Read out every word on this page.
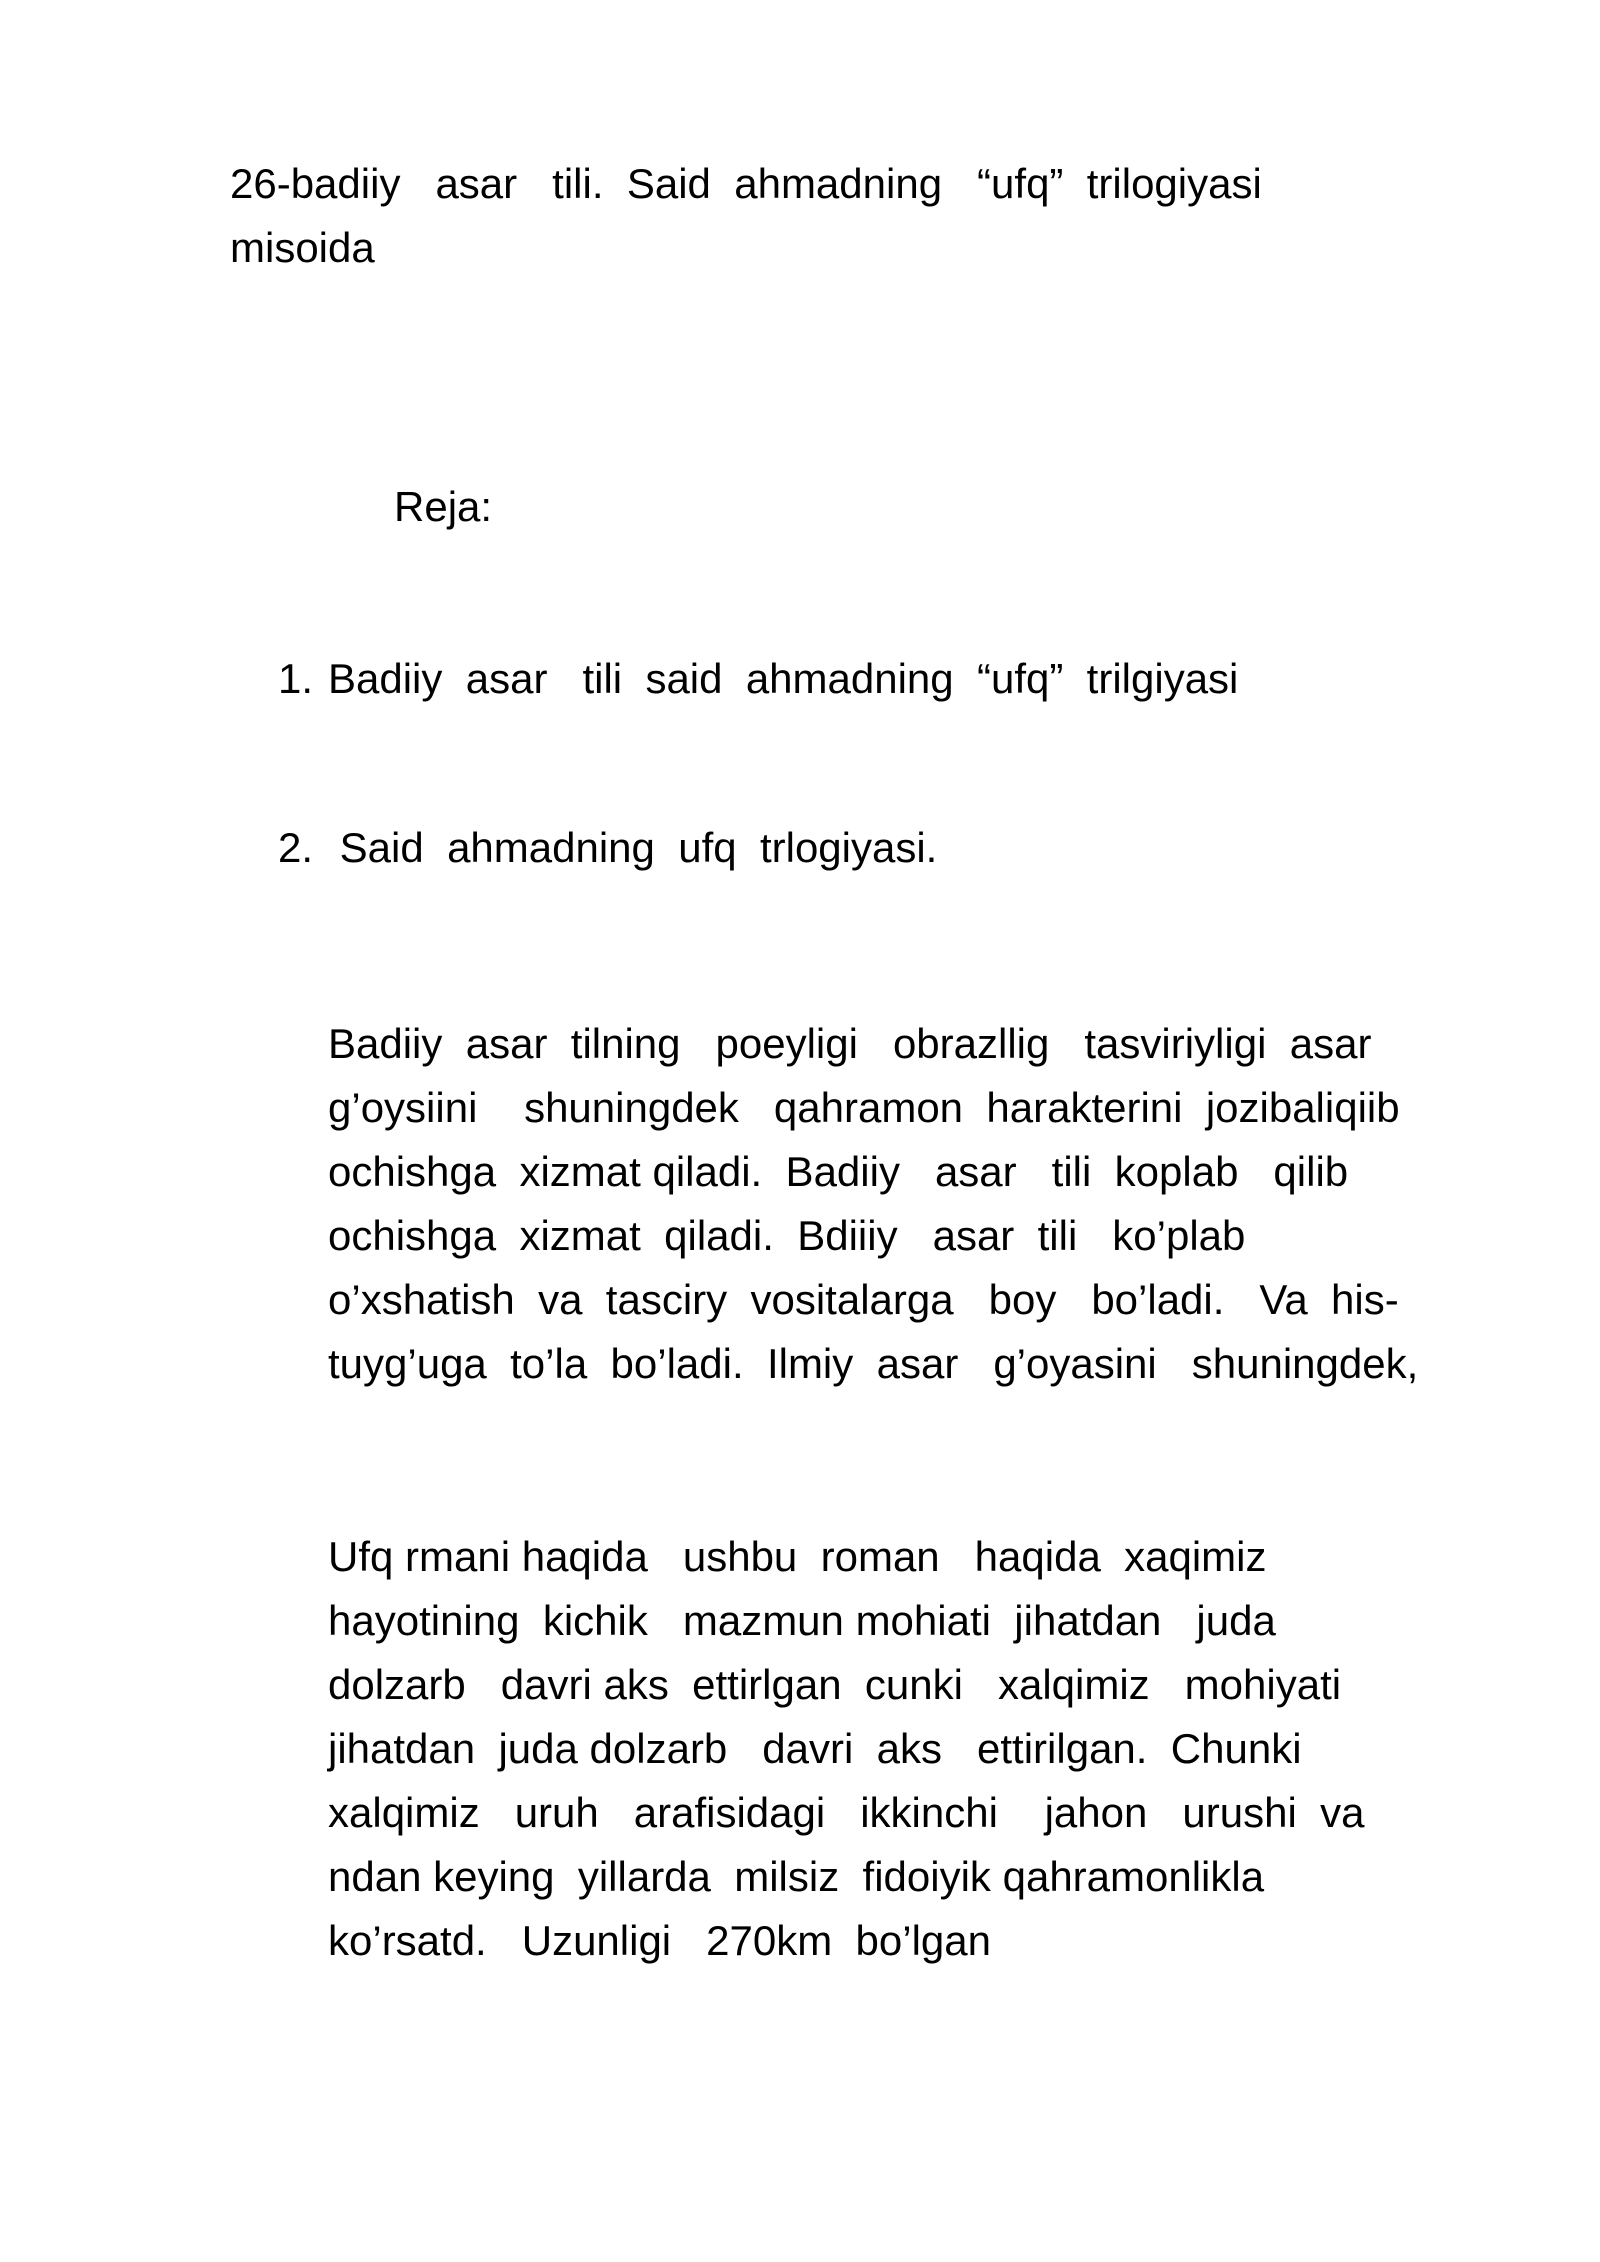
26-badiiy   asar   tili.  Said  ahmadning   “ufq”  trilogiyasi
misoida
Reja:
1. Badiiy  asar   tili  said  ahmadning  “ufq”  trilgiyasi
2. Said  ahmadning  ufq  trlogiyasi.
Badiiy  asar  tilning   poeyligi   obrazllig   tasviriyligi  asar
g’oysiini    shuningdek   qahramon  harakterini  jozibaliqiib
ochishga  xizmat qiladi.  Badiiy   asar   tili  koplab   qilib
ochishga  xizmat  qiladi.  Bdiiiy   asar  tili   ko’plab
o’xshatish  va  tasciry  vositalarga   boy   bo’ladi.   Va  his-
tuyg’uga  to’la  bo’ladi.  Ilmiy  asar   g’oyasini   shuningdek,
Ufq rmani haqida   ushbu  roman   haqida  xaqimiz
hayotining  kichik   mazmun mohiati  jihatdan   juda
dolzarb   davri aks  ettirlgan  cunki   xalqimiz   mohiyati
jihatdan  juda dolzarb   davri  aks   ettirilgan.  Chunki
xalqimiz   uruh   arafisidagi   ikkinchi    jahon   urushi  va
ndan keying  yillarda  milsiz  fidoiyik qahramonlikla
ko’rsatd.   Uzunligi   270km  bo’lgan
